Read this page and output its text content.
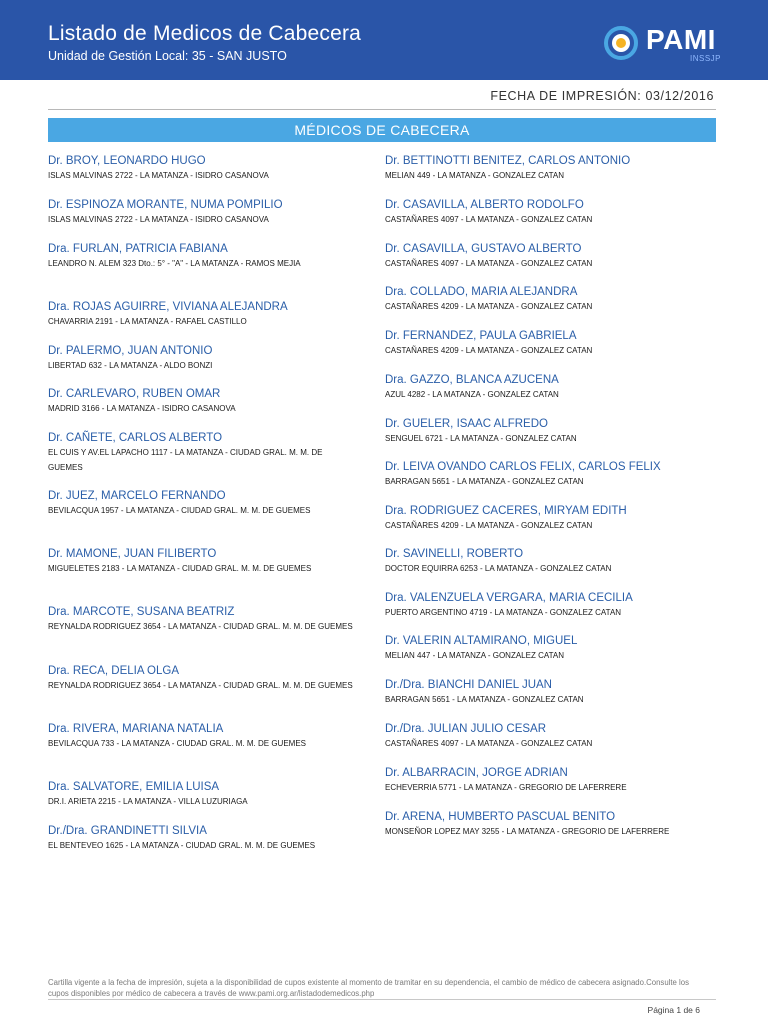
Listado de Medicos de Cabecera
Unidad de Gestión Local: 35 - SAN JUSTO
PAMI
INSSJP
FECHA DE IMPRESIÓN: 03/12/2016
MÉDICOS DE CABECERA
Dr. BROY, LEONARDO HUGO
ISLAS MALVINAS 2722 - LA MATANZA - ISIDRO CASANOVA
Dr. ESPINOZA MORANTE, NUMA POMPILIO
ISLAS MALVINAS 2722 - LA MATANZA - ISIDRO CASANOVA
Dra. FURLAN, PATRICIA FABIANA
LEANDRO N. ALEM 323 Dto.: 5° - "A" - LA MATANZA - RAMOS MEJIA
Dra. ROJAS AGUIRRE, VIVIANA ALEJANDRA
CHAVARRIA 2191 - LA MATANZA - RAFAEL CASTILLO
Dr. PALERMO, JUAN ANTONIO
LIBERTAD 632 - LA MATANZA - ALDO BONZI
Dr. CARLEVARO, RUBEN OMAR
MADRID 3166 - LA MATANZA - ISIDRO CASANOVA
Dr. CAÑETE, CARLOS ALBERTO
EL CUIS Y AV.EL LAPACHO 1117 - LA MATANZA - CIUDAD GRAL. M. M. DE GUEMES
Dr. JUEZ, MARCELO FERNANDO
BEVILACQUA 1957 - LA MATANZA - CIUDAD GRAL. M. M. DE GUEMES
Dr. MAMONE, JUAN FILIBERTO
MIGUELETES 2183 - LA MATANZA - CIUDAD GRAL. M. M. DE GUEMES
Dra. MARCOTE, SUSANA BEATRIZ
REYNALDA RODRIGUEZ 3654 - LA MATANZA - CIUDAD GRAL. M. M. DE GUEMES
Dra. RECA, DELIA OLGA
REYNALDA RODRIGUEZ 3654 - LA MATANZA - CIUDAD GRAL. M. M. DE GUEMES
Dra. RIVERA, MARIANA NATALIA
BEVILACQUA 733 - LA MATANZA - CIUDAD GRAL. M. M. DE GUEMES
Dra. SALVATORE, EMILIA LUISA
DR.I. ARIETA 2215 - LA MATANZA - VILLA LUZURIAGA
Dr./Dra. GRANDINETTI SILVIA
EL BENTEVEO 1625 - LA MATANZA - CIUDAD GRAL. M. M. DE GUEMES
Dr. BETTINOTTI BENITEZ, CARLOS ANTONIO
MELIAN 449 - LA MATANZA - GONZALEZ CATAN
Dr. CASAVILLA, ALBERTO RODOLFO
CASTAÑARES 4097 - LA MATANZA - GONZALEZ CATAN
Dr. CASAVILLA, GUSTAVO ALBERTO
CASTAÑARES 4097 - LA MATANZA - GONZALEZ CATAN
Dra. COLLADO, MARIA ALEJANDRA
CASTAÑARES 4209 - LA MATANZA - GONZALEZ CATAN
Dr. FERNANDEZ, PAULA GABRIELA
CASTAÑARES 4209 - LA MATANZA - GONZALEZ CATAN
Dra. GAZZO, BLANCA AZUCENA
AZUL 4282 - LA MATANZA - GONZALEZ CATAN
Dr. GUELER, ISAAC ALFREDO
SENGUEL 6721 - LA MATANZA - GONZALEZ CATAN
Dr. LEIVA OVANDO CARLOS FELIX, CARLOS FELIX
BARRAGAN 5651 - LA MATANZA - GONZALEZ CATAN
Dra. RODRIGUEZ CACERES, MIRYAM EDITH
CASTAÑARES 4209 - LA MATANZA - GONZALEZ CATAN
Dr. SAVINELLI, ROBERTO
DOCTOR EQUIRRA 6253 - LA MATANZA - GONZALEZ CATAN
Dra. VALENZUELA VERGARA, MARIA CECILIA
PUERTO ARGENTINO 4719 - LA MATANZA - GONZALEZ CATAN
Dr. VALERIN ALTAMIRANO, MIGUEL
MELIAN 447 - LA MATANZA - GONZALEZ CATAN
Dr./Dra. BIANCHI DANIEL JUAN
BARRAGAN 5651 - LA MATANZA - GONZALEZ CATAN
Dr./Dra. JULIAN JULIO CESAR
CASTAÑARES 4097 - LA MATANZA - GONZALEZ CATAN
Dr. ALBARRACIN, JORGE ADRIAN
ECHEVERRIA 5771 - LA MATANZA - GREGORIO DE LAFERRERE
Dr. ARENA, HUMBERTO PASCUAL BENITO
MONSEÑOR LOPEZ MAY 3255 - LA MATANZA - GREGORIO DE LAFERRERE
Cartilla vigente a la fecha de impresión, sujeta a la disponibilidad de cupos existente al momento de tramitar en su dependencia, el cambio de médico de cabecera asignado.Consulte los cupos disponibles por médico de cabecera a través de www.pami.org.ar/listadodemedicos.php
Página 1 de 6
